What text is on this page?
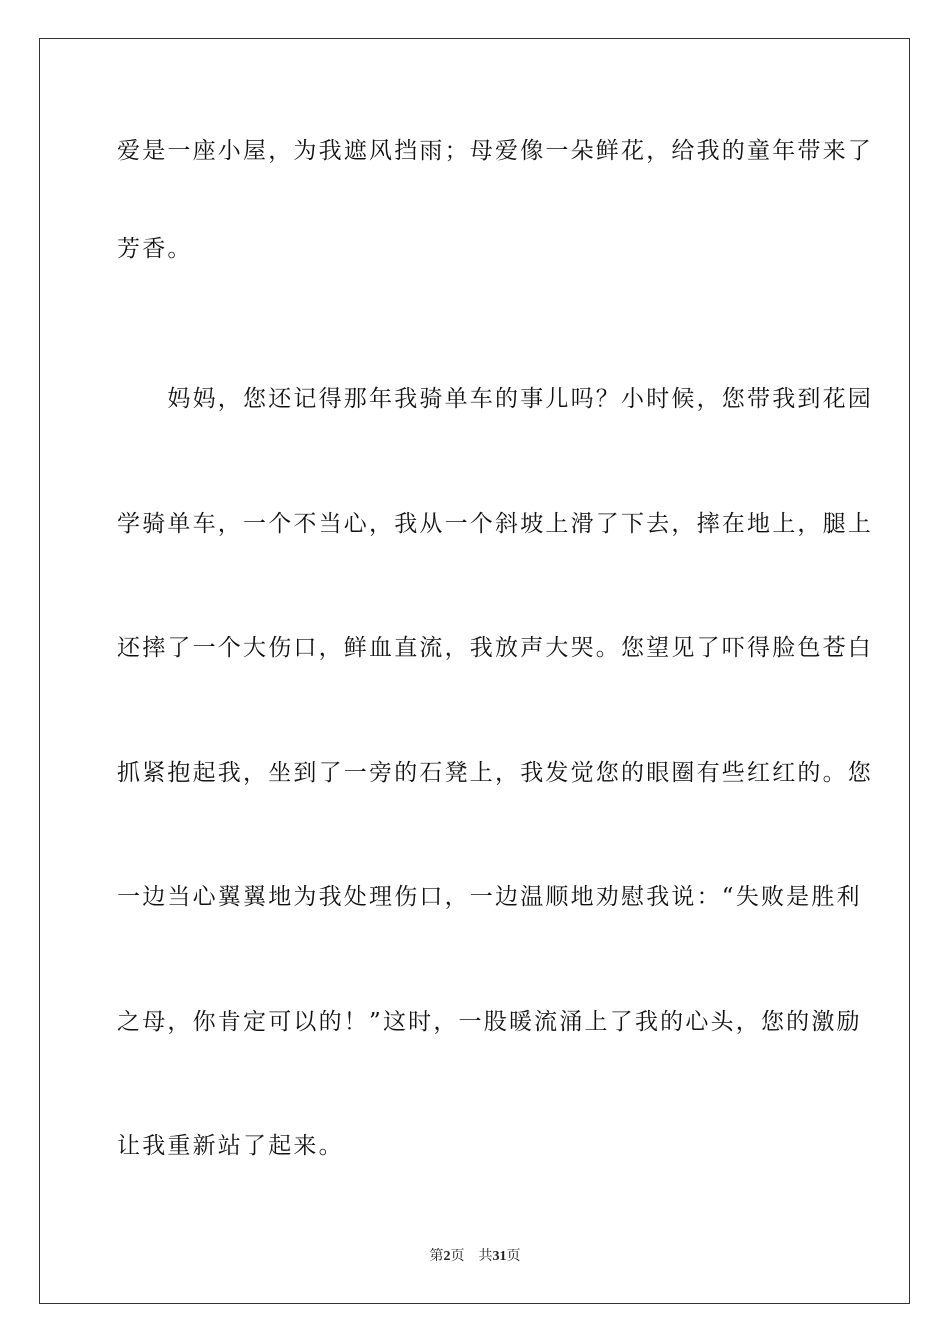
爱是一座小屋，为我遮风挡雨；母爱像一朵鲜花，给我的童年带来了
芳香。
　　妈妈，您还记得那年我骑单车的事儿吗？小时候，您带我到花园
学骑单车，一个不当心，我从一个斜坡上滑了下去，摔在地上，腿上
还摔了一个大伤口，鲜血直流，我放声大哭。您望见了吓得脸色苍白
抓紧抱起我，坐到了一旁的石凳上，我发觉您的眼圈有些红红的。您
一边当心翼翼地为我处理伤口，一边温顺地劝慰我说：“失败是胜利
之母，你肯定可以的！”这时，一股暖流涌上了我的心头，您的激励
让我重新站了起来。
第2页 共31页
